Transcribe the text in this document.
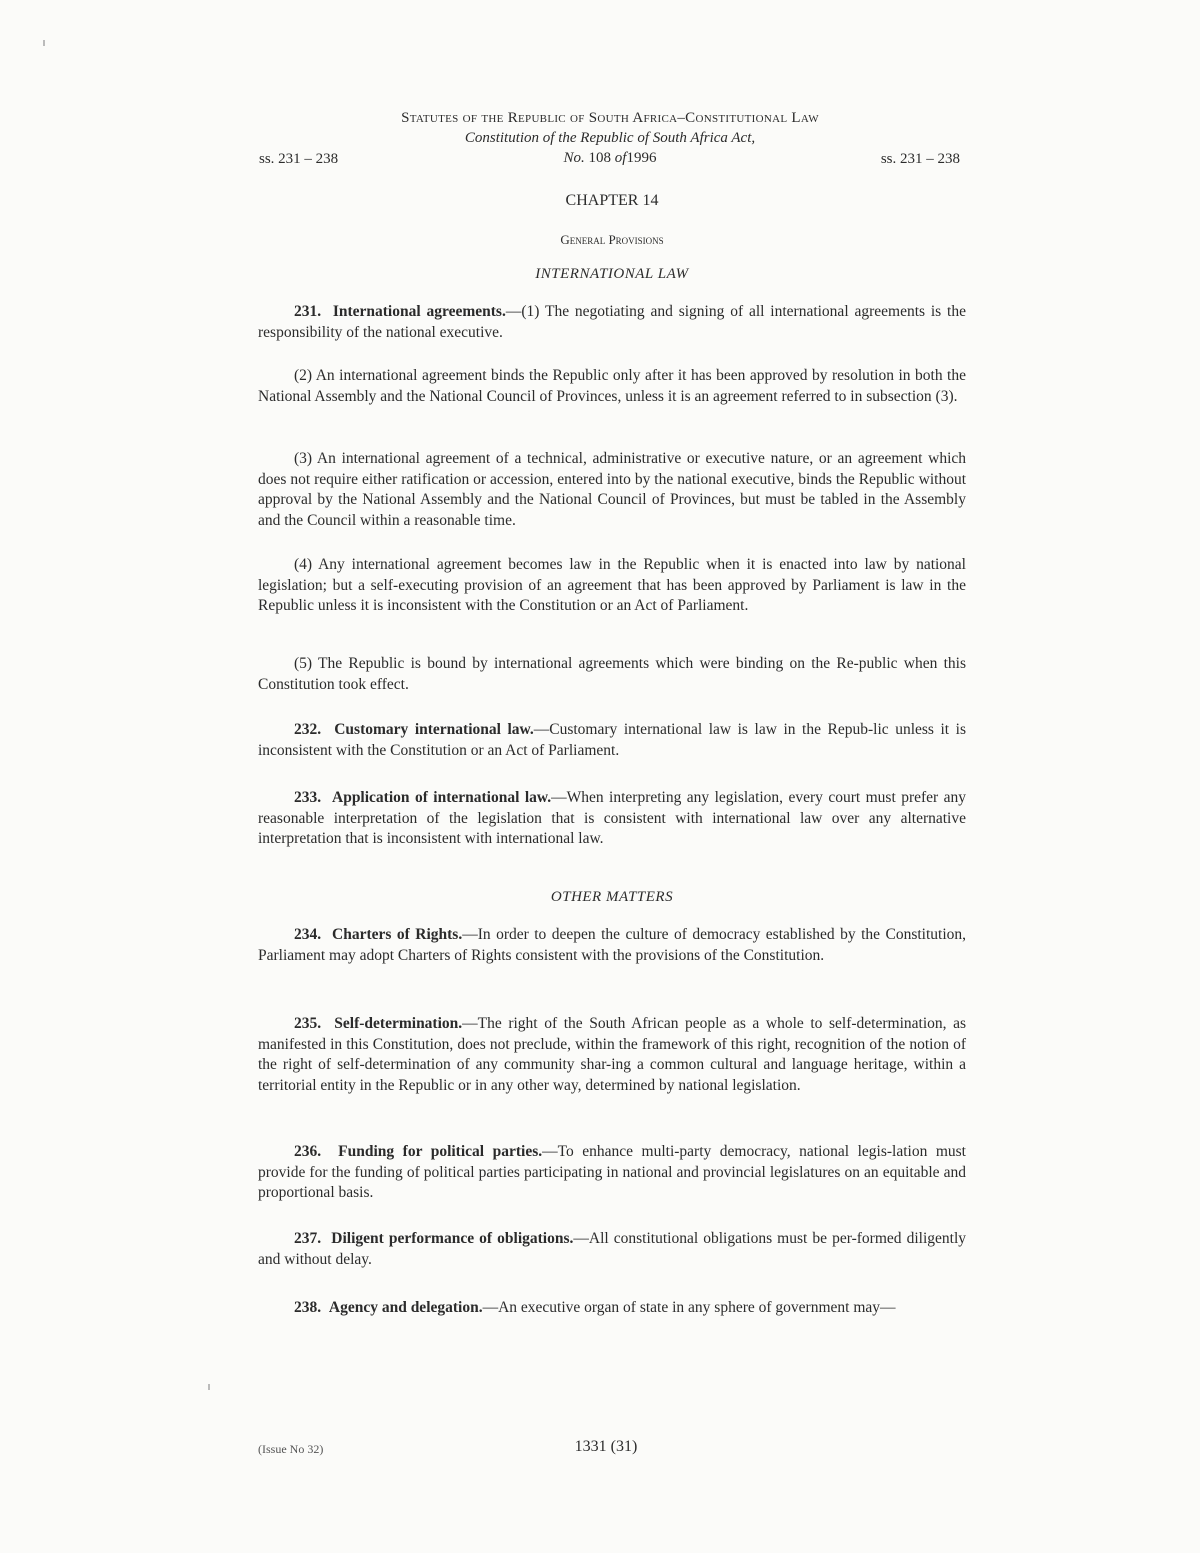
Statutes of the Republic of South Africa–Constitutional Law
Constitution of the Republic of South Africa Act,
No. 108 of1996
ss. 231 – 238	ss. 231 – 238
CHAPTER 14
General Provisions
INTERNATIONAL LAW

231. International agreements.—(1) The negotiating and signing of all international agreements is the responsibility of the national executive.

(2) An international agreement binds the Republic only after it has been approved by resolution in both the National Assembly and the National Council of Provinces, unless it is an agreement referred to in subsection (3).

(3) An international agreement of a technical, administrative or executive nature, or an agreement which does not require either ratification or accession, entered into by the national executive, binds the Republic without approval by the National Assembly and the National Council of Provinces, but must be tabled in the Assembly and the Council within a reasonable time.

(4) Any international agreement becomes law in the Republic when it is enacted into law by national legislation; but a self-executing provision of an agreement that has been approved by Parliament is law in the Republic unless it is inconsistent with the Constitution or an Act of Parliament.

(5) The Republic is bound by international agreements which were binding on the Re-public when this Constitution took effect.

232. Customary international law.—Customary international law is law in the Repub-lic unless it is inconsistent with the Constitution or an Act of Parliament.

233. Application of international law.—When interpreting any legislation, every court must prefer any reasonable interpretation of the legislation that is consistent with international law over any alternative interpretation that is inconsistent with international law.

OTHER MATTERS

234. Charters of Rights.—In order to deepen the culture of democracy established by the Constitution, Parliament may adopt Charters of Rights consistent with the provisions of the Constitution.

235. Self-determination.—The right of the South African people as a whole to self-determination, as manifested in this Constitution, does not preclude, within the framework of this right, recognition of the notion of the right of self-determination of any community shar-ing a common cultural and language heritage, within a territorial entity in the Republic or in any other way, determined by national legislation.

236. Funding for political parties.—To enhance multi-party democracy, national legis-lation must provide for the funding of political parties participating in national and provincial legislatures on an equitable and proportional basis.

237. Diligent performance of obligations.—All constitutional obligations must be per-formed diligently and without delay.

238. Agency and delegation.—An executive organ of state in any sphere of government may—

(Issue No 32)	1331 (31)
